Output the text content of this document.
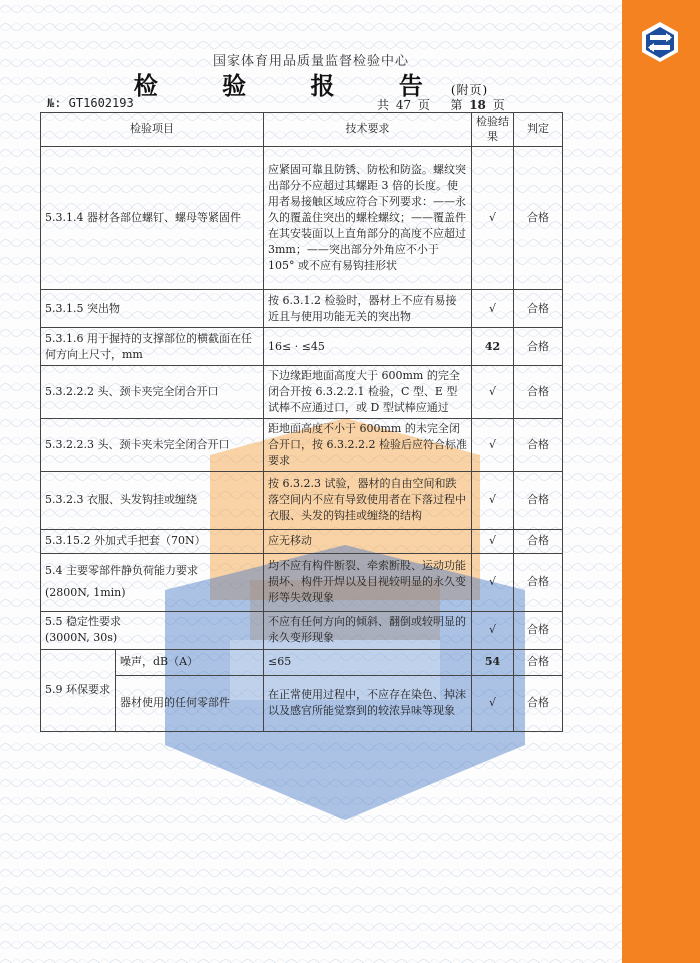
国家体育用品质量监督检验中心
检 验 报 告(附页)
№: GT1602193	共 47 页 第 18 页
检验项目		技术要求	检验结果	判定
5.3.1.4 器材各部位螺钉、螺母等紧固件		应紧固可靠且防锈、防松和防盗。螺纹突出部分不应超过其螺距 3 倍的长度。使用者易接触区域应符合下列要求：——永久的覆盖住突出的螺栓螺纹；——覆盖件在其安装面以上直角部分的高度不应超过 3mm；——突出部分外角应不小于 105° 或不应有易钩挂形状	√	合格
5.3.1.5 突出物		按 6.3.1.2 检验时，器材上不应有易接近且与使用功能无关的突出物	√	合格
5.3.1.6 用于握持的支撑部位的横截面在任何方向上尺寸，mm		16≤ · ≤45	42	合格
5.3.2.2.2 头、颈卡夹完全闭合开口		下边缘距地面高度大于 600mm 的完全闭合开按 6.3.2.2.1 检验，C 型、E 型试棒不应通过口，或 D 型试棒应通过	√	合格
5.3.2.2.3 头、颈卡夹未完全闭合开口		距地面高度不小于 600mm 的未完全闭合开口，按 6.3.2.2.2 检验后应符合标准要求	√	合格
5.3.2.3 衣服、头发钩挂或缠绕		按 6.3.2.3 试验，器材的自由空间和跌落空间内不应有导致使用者在下落过程中衣服、头发的钩挂或缠绕的结构	√	合格
5.3.15.2 外加式手把套（70N）		应无移动	√	合格

5.4 主要零部件静负荷能力要求
(2800N, 1min)		均不应有构件断裂、牵索断股、运动功能损坏、构件开焊以及目视较明显的永久变形等失效现象	√	合格

5.5 稳定性要求
(3000N, 30s)		不应有任何方向的倾斜、翻倒或较明显的永久变形现象	√	合格
5.9 环保要求	噪声，dB（A）	≤65	54	合格
	器材使用的任何零部件	在正常使用过程中，不应存在染色、掉沫以及感官所能觉察到的较浓异味等现象	√	合格
